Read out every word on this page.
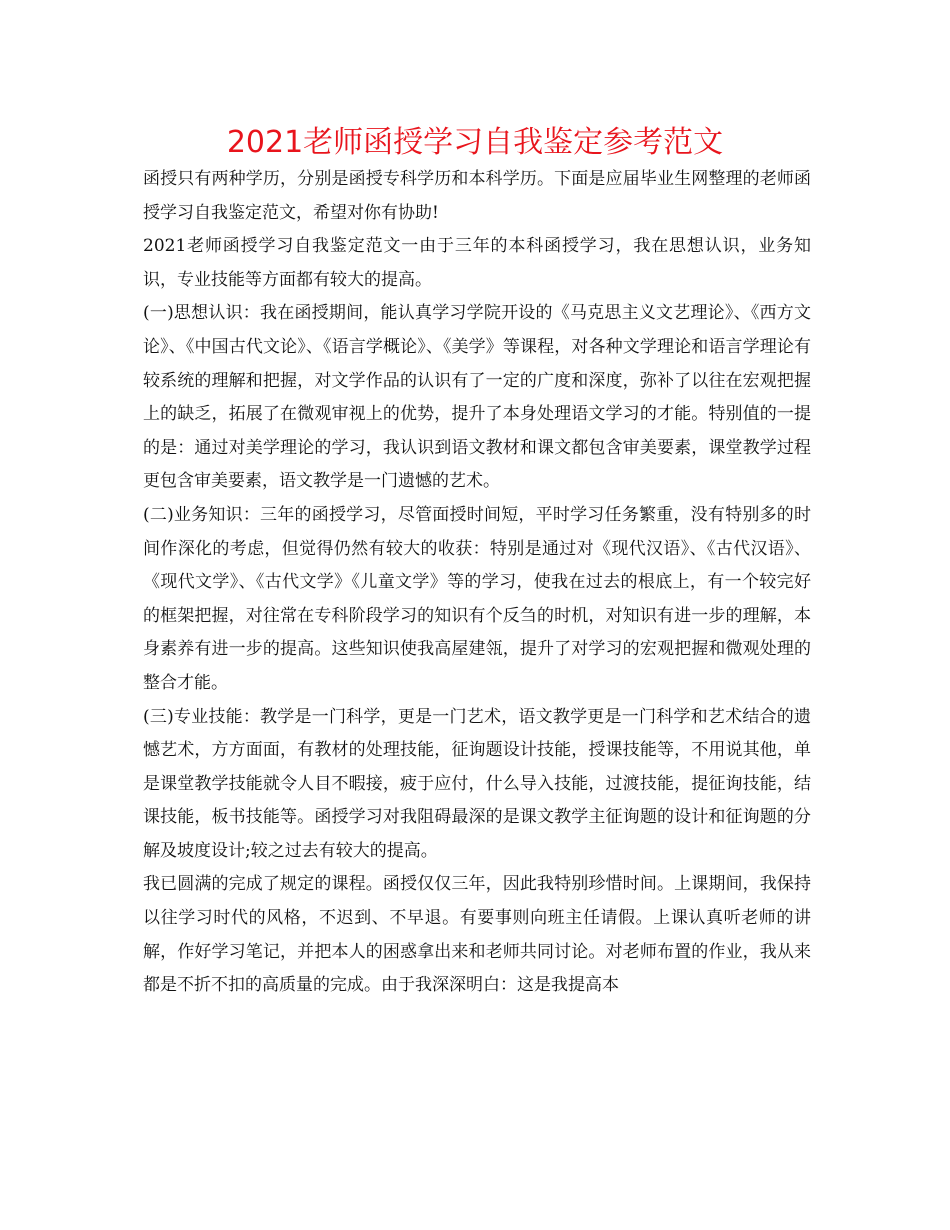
2021老师函授学习自我鉴定参考范文

函授只有两种学历，分别是函授专科学历和本科学历。下面是应届毕业生网整理的老师函授学习自我鉴定范文，希望对你有协助!

2021老师函授学习自我鉴定范文一由于三年的本科函授学习，我在思想认识，业务知识，专业技能等方面都有较大的提高。

(一)思想认识：我在函授期间，能认真学习学院开设的《马克思主义文艺理论》、《西方文论》、《中国古代文论》、《语言学概论》、《美学》等课程，对各种文学理论和语言学理论有较系统的理解和把握，对文学作品的认识有了一定的广度和深度，弥补了以往在宏观把握上的缺乏，拓展了在微观审视上的优势，提升了本身处理语文学习的才能。特别值的一提的是：通过对美学理论的学习，我认识到语文教材和课文都包含审美要素，课堂教学过程更包含审美要素，语文教学是一门遗憾的艺术。

(二)业务知识：三年的函授学习，尽管面授时间短，平时学习任务繁重，没有特别多的时间作深化的考虑，但觉得仍然有较大的收获：特别是通过对《现代汉语》、《古代汉语》、《现代文学》、《古代文学》《儿童文学》等的学习，使我在过去的根底上，有一个较完好的框架把握，对往常在专科阶段学习的知识有个反刍的时机，对知识有进一步的理解，本身素养有进一步的提高。这些知识使我高屋建瓴，提升了对学习的宏观把握和微观处理的整合才能。

(三)专业技能：教学是一门科学，更是一门艺术，语文教学更是一门科学和艺术结合的遗憾艺术，方方面面，有教材的处理技能，征询题设计技能，授课技能等，不用说其他，单是课堂教学技能就令人目不暇接，疲于应付，什么导入技能，过渡技能，提征询技能，结课技能，板书技能等。函授学习对我阻碍最深的是课文教学主征询题的设计和征询题的分解及坡度设计;较之过去有较大的提高。

我已圆满的完成了规定的课程。函授仅仅三年，因此我特别珍惜时间。上课期间，我保持以往学习时代的风格，不迟到、不早退。有要事则向班主任请假。上课认真听老师的讲解，作好学习笔记，并把本人的困惑拿出来和老师共同讨论。对老师布置的作业，我从来都是不折不扣的高质量的完成。由于我深深明白：这是我提高本
